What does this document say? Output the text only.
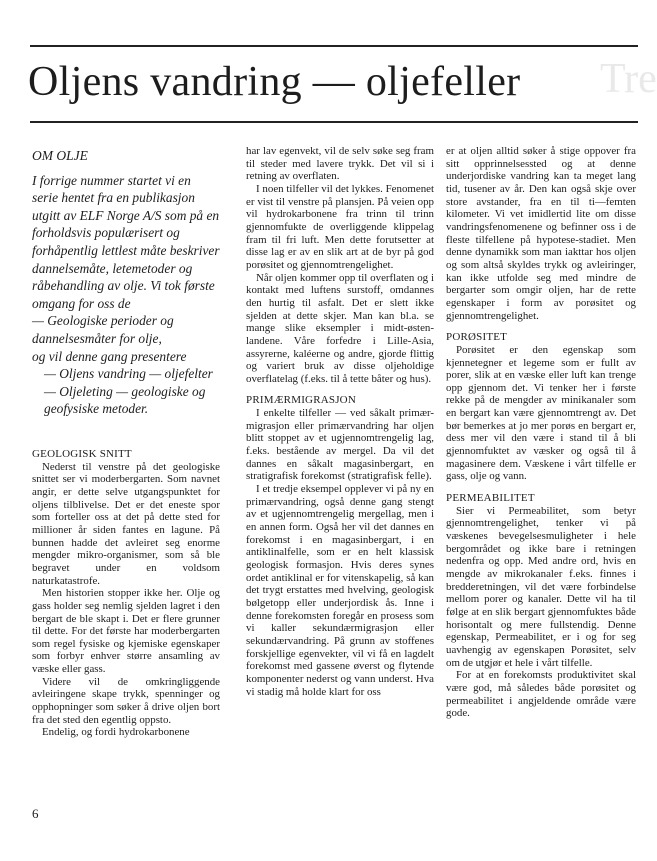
Tre
Oljens vandring — oljefeller
OM OLJE

I forrige nummer startet vi en serie hentet fra en publikasjon utgitt av ELF Norge A/S som på en forholdsvis populærisert og forhåpentlig lettlest måte beskriver dannelsemåte, letemetoder og råbehandling av olje. Vi tok første omgang for oss de

— Geologiske perioder og dannelsesmåter for olje,

og vil denne gang presentere

— Oljens vandring — oljefelter

— Oljeleting — geologiske og geofysiske metoder.

GEOLOGISK SNITT

Nederst til venstre på det geologiske snittet ser vi moderbergarten. Som navnet angir, er dette selve utgangspunktet for oljens tilblivelse. Det er det eneste spor som forteller oss at det på dette sted for millioner år siden fantes en lagune. På bunnen hadde det avleiret seg enorme mengder mikro-organismer, som så ble begravet under en voldsom naturkatastrofe.

Men historien stopper ikke her. Olje og gass holder seg nemlig sjelden lagret i den bergart de ble skapt i. Det er flere grunner til dette. For det første har moderbergarten som regel fysiske og kjemiske egenskaper som forbyr enhver større ansamling av væske eller gass.

Videre vil de omkringliggende avleiringene skape trykk, spenninger og opphopninger som søker å drive oljen bort fra det sted den egentlig oppsto.

Endelig, og fordi hydrokarbonene

har lav egenvekt, vil de selv søke seg fram til steder med lavere trykk. Det vil si i retning av overflaten.

I noen tilfeller vil det lykkes. Fenomenet er vist til venstre på plansjen. På veien opp vil hydrokarbonene fra trinn til trinn gjennomfukte de overliggende klippelag fram til fri luft. Men dette forutsetter at disse lag er av en slik art at de byr på god porøsitet og gjennomtrengelighet.

Når oljen kommer opp til overflaten og i kontakt med luftens surstoff, omdannes den hurtig til asfalt. Det er slett ikke sjelden at dette skjer. Man kan bl.a. se mange slike eksempler i midt-østen-landene. Våre forfedre i Lille-Asia, assyrerne, kaléerne og andre, gjorde flittig og variert bruk av disse oljeholdige overflatelag (f.eks. til å tette båter og hus).

PRIMÆRMIGRASJON

I enkelte tilfeller — ved såkalt primær-migrasjon eller primærvandring har oljen blitt stoppet av et ugjennomtrengelig lag, f.eks. bestående av mergel. Da vil det dannes en såkalt magasinbergart, en stratigrafisk forekomst (stratigrafisk felle).

I et tredje eksempel opplever vi på ny en primærvandring, også denne gang stengt av et ugjennomtrengelig mergellag, men i en annen form. Også her vil det dannes en forekomst i en magasinbergart, i en antiklinalfelle, som er en helt klassisk geologisk formasjon. Hvis deres synes ordet antiklinal er for vitenskapelig, så kan det trygt erstattes med hvelving, geologisk bølgetopp eller underjordisk ås. Inne i denne forekomsten foregår en prosess som vi kaller sekundærmigrasjon eller sekundærvandring. På grunn av stoffenes forskjellige egenvekter, vil vi få en lagdelt forekomst med gassene øverst og flytende komponenter nederst og vann underst. Hva vi stadig må holde klart for oss

er at oljen alltid søker å stige oppover fra sitt opprinnelsessted og at denne underjordiske vandring kan ta meget lang tid, tusener av år. Den kan også skje over store avstander, fra en til ti—femten kilometer. Vi vet imidlertid lite om disse vandringsfenomenene og befinner oss i de fleste tilfellene på hypotese-stadiet. Men denne dynamikk som man iakttar hos oljen og som altså skyldes trykk og avleiringer, kan ikke utfolde seg med mindre de bergarter som omgir oljen, har de rette egenskaper i form av porøsitet og gjennomtrengelighet.

PORØSITET

Porøsitet er den egenskap som kjennetegner et legeme som er fullt av porer, slik at en væske eller luft kan trenge opp gjennom det. Vi tenker her i første rekke på de mengder av minikanaler som en bergart kan være gjennomtrengt av. Det bør bemerkes at jo mer porøs en bergart er, dess mer vil den være i stand til å bli gjennomfuktet av væsker og også til å magasinere dem. Væskene i vårt tilfelle er gass, olje og vann.

PERMEABILITET

Sier vi Permeabilitet, som betyr gjennomtrengelighet, tenker vi på væskenes bevegelsesmuligheter i hele bergområdet og ikke bare i retningen nedenfra og opp. Med andre ord, hvis en mengde av mikrokanaler f.eks. finnes i bredderetningen, vil det være forbindelse mellom porer og kanaler. Dette vil ha til følge at en slik bergart gjennomfuktes både horisontalt og mere fullstendig. Denne egenskap, Permeabilitet, er i og for seg uavhengig av egenskapen Porøsitet, selv om de utgjør et hele i vårt tilfelle.

For at en forekomsts produktivitet skal være god, må således både porøsitet og permeabilitet i angjeldende område være gode.

6
